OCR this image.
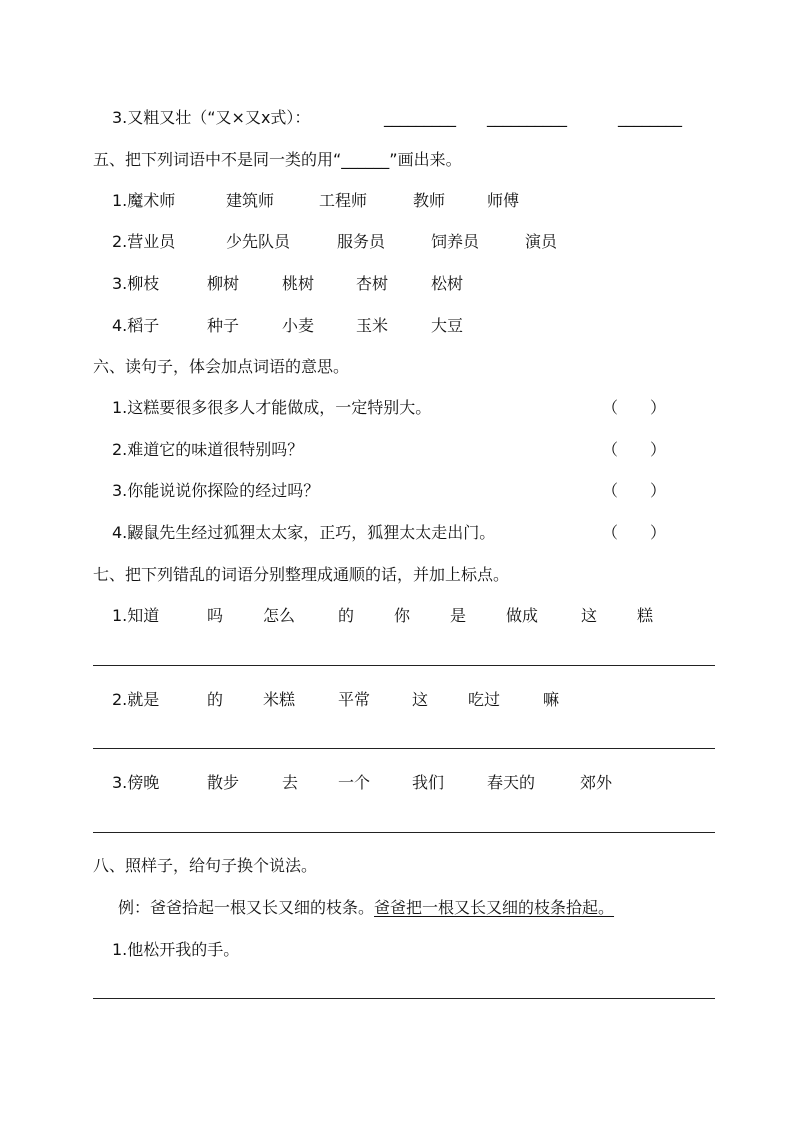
3.又粗又壮（“又×又x式）：	_________ __________	________
五、把下列词语中不是同一类的用“______”画出来。
1.魔术师	建筑师	工程师	教师	师傅
2.营业员	少先队员	服务员	饲养员	演员
3.柳枝	柳树	桃树	杏树	松树
4.稻子	种子	小麦	玉米	大豆
六、读句子，体会加点词语的意思。
1.这糕要很多很多人才能做成，一定特别大。	（　　）
2.难道它的味道很特别吗？	（　　）
3.你能说说你探险的经过吗？	（　　）
4.鼹鼠先生经过狐狸太太家，正巧，狐狸太太走出门。	（　　）
七、把下列错乱的词语分别整理成通顺的话，并加上标点。
1.知道	吗 怎么	的 你 是 做成	这 糕
2.就是	的 米糕	平常	这 吃过	嘛
3.傍晚	散步	去 一个	我们	春天的	郊外
八、照样子，给句子换个说法。
例：爸爸拾起一根又长又细的枝条。爸爸把一根又长又细的枝条拾起。
1.他松开我的手。
